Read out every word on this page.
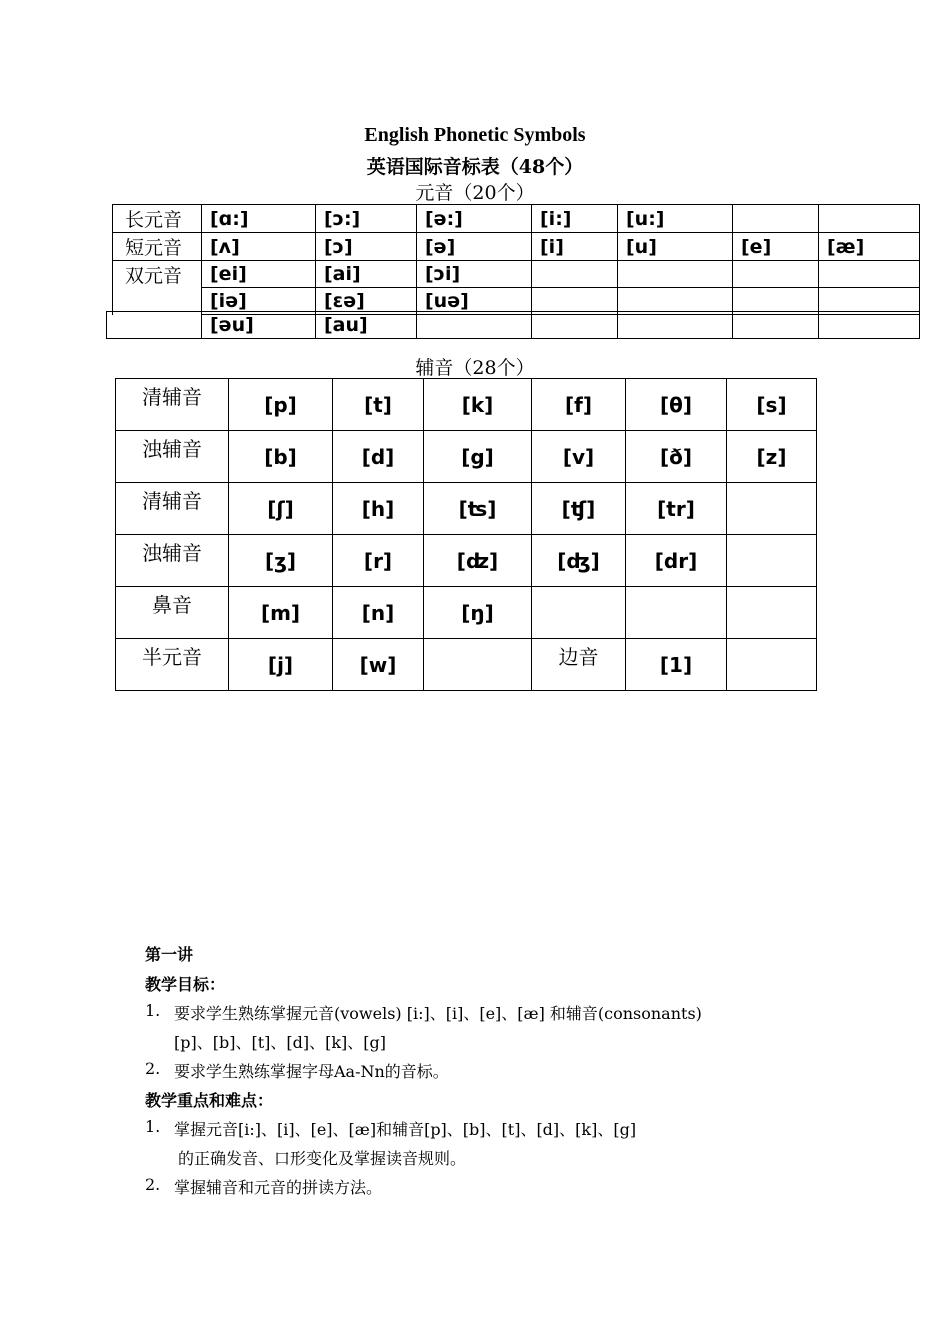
English Phonetic Symbols
英语国际音标表（48个）
元音（20个）
长元音	[ɑ:]	[ɔ:]	[ə:]	[i:]	[u:]		
短元音	[ʌ]	[ɔ]	[ə]	[i]	[u]	[e]	[æ]
双元音	[ei]	[ai]	[ɔi]				
	[iə]	[ɛə]	[uə]				
	[əu]	[au]					
辅音（28个）
清辅音	[p]	[t]	[k]	[f]	[θ]	[s]
浊辅音	[b]	[d]	[g]	[v]	[ð]	[z]
清辅音	[ʃ]	[h]	[ʦ]	[ʧ]	[tr]	
浊辅音	[ʒ]	[r]	[ʣ]	[ʤ]	[dr]	
鼻音	[m]	[n]	[ŋ]			
半元音	[j]	[w]		边音	[1]	
第一讲
教学目标：
1. 要求学生熟练掌握元音(vowels) [i:]、[i]、[e]、[æ] 和辅音(consonants)
[p]、[b]、[t]、[d]、[k]、[g]
2. 要求学生熟练掌握字母Aa-Nn的音标。
教学重点和难点：
1. 掌握元音[i:]、[i]、[e]、[æ]和辅音[p]、[b]、[t]、[d]、[k]、[g]
的正确发音、口形变化及掌握读音规则。
2. 掌握辅音和元音的拼读方法。
